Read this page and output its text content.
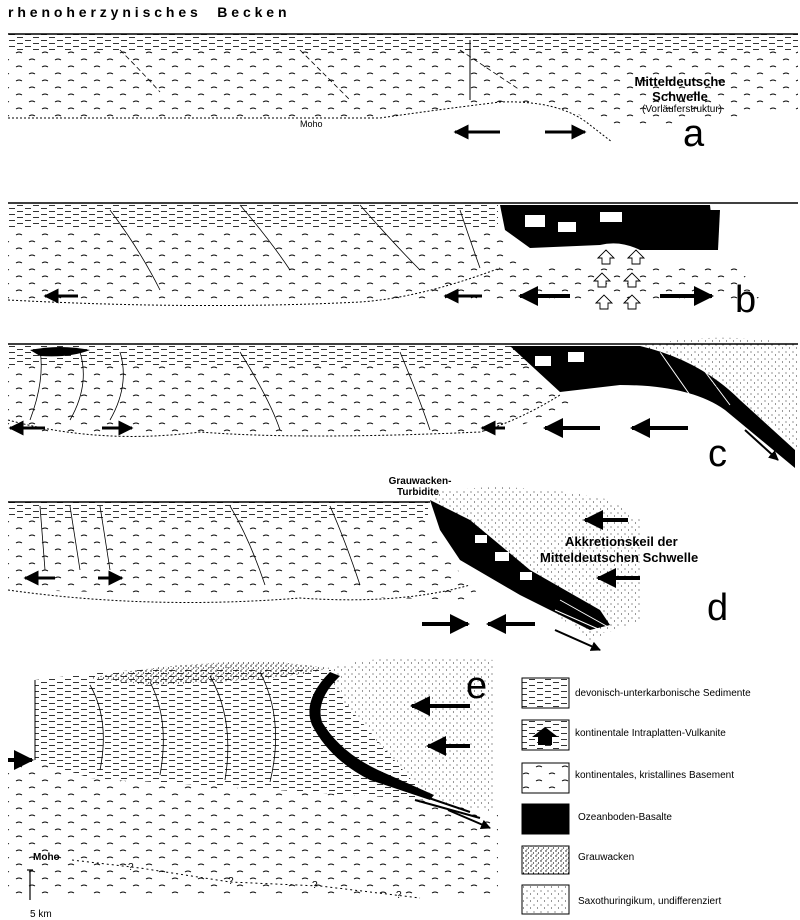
r h e n o h e r z y n i s c h e s     B e c k e n
Mitteldeutsche
Schwelle
(Vorläuferstruktur)
Moho	a
b
c
Grauwacken-
Turbidite
Akkretionskeil der
Mitteldeutschen Schwelle
d
Moho
?
?	?
?
e
5 km
devonisch-unterkarbonische Sedimente
kontinentale Intraplatten-Vulkanite
kontinentales, kristallines Basement
Ozeanboden-Basalte
Grauwacken
Saxothuringikum, undifferenziert
